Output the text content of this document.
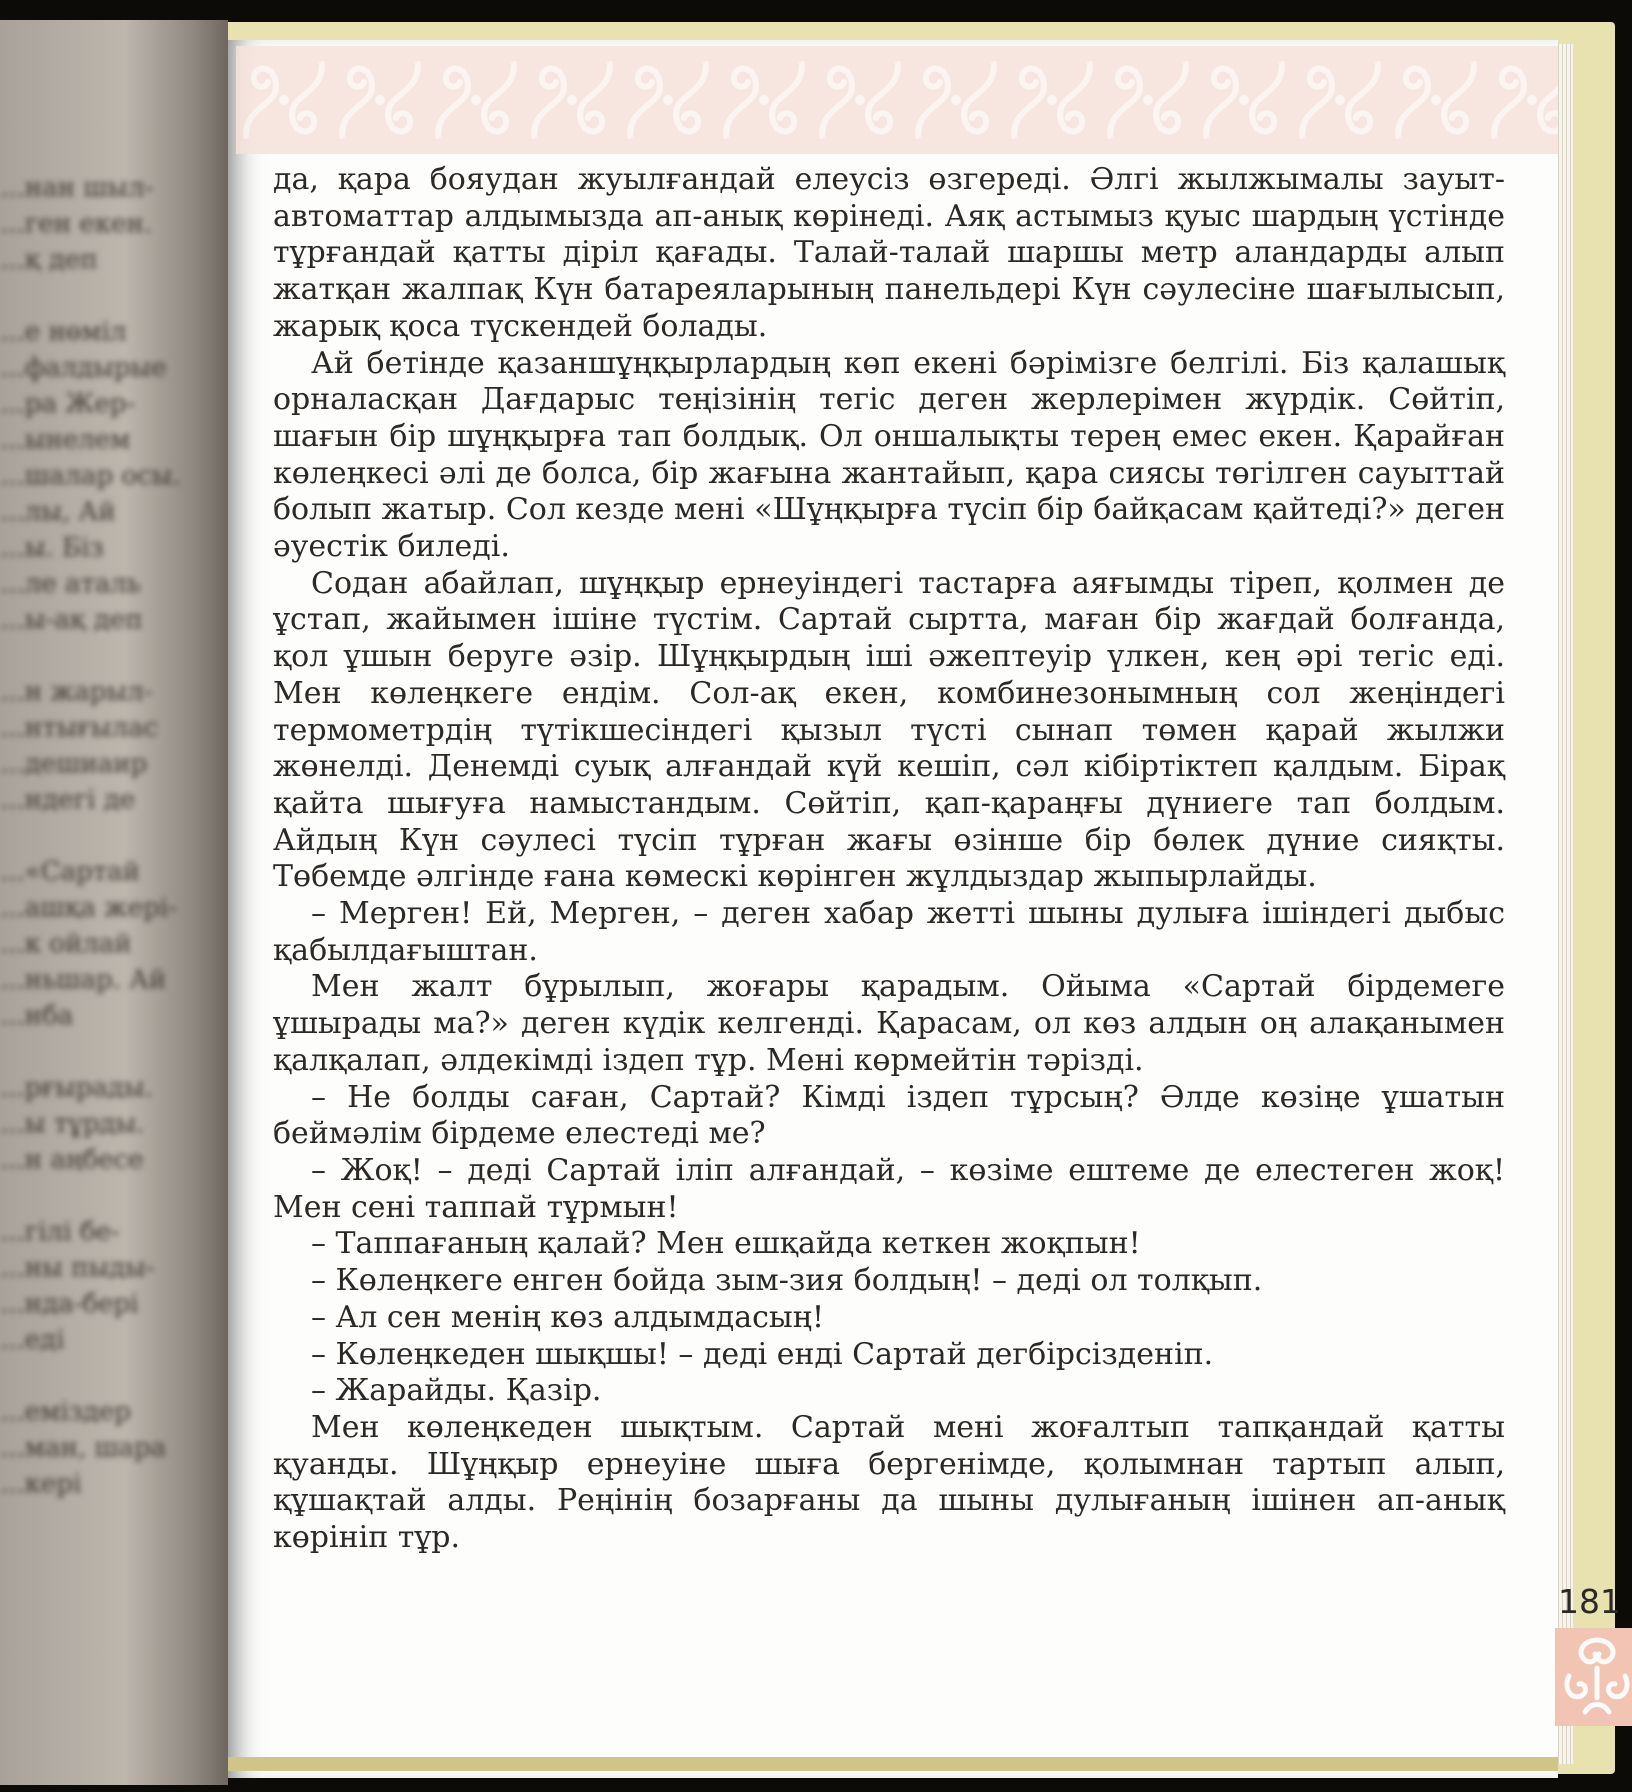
...нан шыл-
...ген екен.
...қ деп
...е нөміл
...фалдырые
...ра Жер-
...ынелем
...шалар осы.
...лы, Ай
...ы. Біз
...ле аталь
...ы-ақ деп
...н жарыл-
...нтығылас
...дешиаир
...ндегі де
...«Сартай
...ашқа жері-
...к ойлай
...ньшар. Ай
...нба
...рғырады.
...ы тұрды.
...н аңбесе
...гілі бе-
...ны пыды-
...нда-бері
...еді
...еміздер
...ман, шара
...кері

да, қара бояудан жуылғандай елеусіз өзгереді. Әлгі жылжымалы зауыт-автоматтар алдымызда ап-анық көрінеді. Аяқ астымыз қуыс шардың үстінде тұрғандай қатты діріл қағады. Талай-талай шаршы метр аландарды алып жатқан жалпақ Күн батареяларының панельдері Күн сәулесіне шағылысып, жарық қоса түскендей болады.

Ай бетінде қазаншұңқырлардың көп екені бәрімізге белгілі. Біз қалашық орналасқан Дағдарыс теңізінің тегіс деген жерлерімен жүрдік. Сөйтіп, шағын бір шұңқырға тап болдық. Ол оншалықты терең емес екен. Қарайған көлеңкесі әлі де болса, бір жағына жантайып, қара сиясы төгілген сауыттай болып жатыр. Сол кезде мені «Шұңқырға түсіп бір байқасам қайтеді?» деген әуестік биледі.

Содан абайлап, шұңқыр ернеуіндегі тастарға аяғымды тіреп, қолмен де ұстап, жайымен ішіне түстім. Сартай сыртта, маған бір жағдай болғанда, қол ұшын беруге әзір. Шұңқырдың іші әжептеуір үлкен, кең әрі тегіс еді. Мен көлеңкеге ендім. Сол-ақ екен, комбинезонымның сол жеңіндегі термометрдің түтікшесіндегі қызыл түсті сынап төмен қарай жылжи жөнелді. Денемді суық алғандай күй кешіп, сәл кібіртіктеп қалдым. Бірақ қайта шығуға намыстандым. Сөйтіп, қап-қараңғы дүниеге тап болдым. Айдың Күн сәулесі түсіп тұрған жағы өзінше бір бөлек дүние сияқты. Төбемде әлгінде ғана көмескі көрінген жұлдыздар жыпырлайды.

– Мерген! Ей, Мерген, – деген хабар жетті шыны дулыға ішіндегі дыбыс қабылдағыштан.

Мен жалт бұрылып, жоғары қарадым. Ойыма «Сартай бірдемеге ұшырады ма?» деген күдік келгенді. Қарасам, ол көз алдын оң алақанымен қалқалап, әлдекімді іздеп тұр. Мені көрмейтін тәрізді.

– Не болды саған, Сартай? Кімді іздеп тұрсың? Әлде көзіңе ұшатын беймәлім бірдеме елестеді ме?

– Жоқ! – деді Сартай іліп алғандай, – көзіме ештеме де елестеген жоқ! Мен сені таппай тұрмын!

– Таппағаның қалай? Мен ешқайда кеткен жоқпын!

– Көлеңкеге енген бойда зым-зия болдың! – деді ол толқып.

– Ал сен менің көз алдымдасың!

– Көлеңкеден шықшы! – деді енді Сартай дегбірсізденіп.

– Жарайды. Қазір.

Мен көлеңкеден шықтым. Сартай мені жоғалтып тапқандай қатты қуанды. Шұңқыр ернеуіне шыға бергенімде, қолымнан тартып алып, құшақтай алды. Реңінің бозарғаны да шыны дулығаның ішінен ап-анық көрініп тұр.

181
